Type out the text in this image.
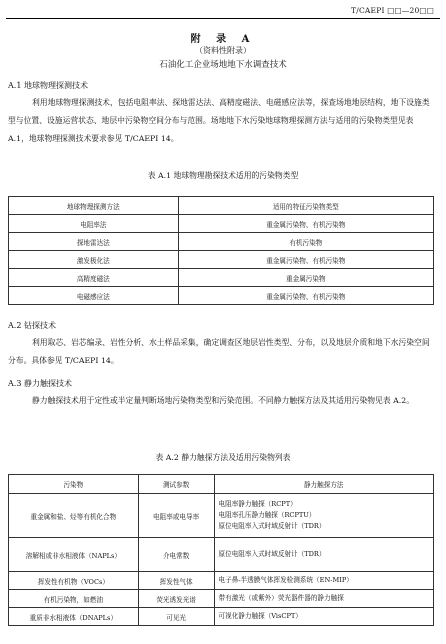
T/CAEPI □□—20□□
附 录 A
（资料性附录）
石油化工企业场地地下水调查技术
A.1 地球物理探测技术

利用地球物理探测技术，包括电阻率法、探地雷达法、高精度磁法、电磁感应法等，探查场地地层结构，地下设施类型与位置、设施运营状态、地层中污染物空间分布与范围。场地地下水污染地球物理探测方法与适用的污染物类型见表 A.1，地球物理探测技术要求参见 T/CAEPI 14。

表 A.1 地球物理勘探技术适用的污染物类型
地球物理探测方法	适用的特征污染物类型
电阻率法	重金属污染物、有机污染物
探地雷达法	有机污染物
激发极化法	重金属污染物、有机污染物
高精度磁法	重金属污染物
电磁感应法	重金属污染物、有机污染物
A.2 钻探技术

利用取芯、岩芯编录、岩性分析、水土样品采集，确定调查区地层岩性类型、分布，以及地层介质和地下水污染空间分布。具体参见 T/CAEPI 14。

A.3 静力触探技术

静力触探技术用于定性或半定量判断场地污染物类型和污染范围。不同静力触探方法及其适用污染物见表 A.2。

表 A.2 静力触探方法及适用污染物列表
污染物	测试参数	静力触探方法
重金属和盐、烃等有机化合物	电阻率或电导率	电阻率静力触探（RCPT）
电阻率孔压静力触探（RCPTU）
原位电阻率入式时域反射计（TDR）

溶解相或非水相液体（NAPLs）	介电常数	原位电阻率入式时域反射计（TDR）

挥发性有机物（VOCs）	挥发性气体	电子鼻-半透膜气体挥发检测系统（EN-MIP）

有机污染物，如燃油	荧光诱发光谱	带有激光（或紫外）荧光器件器的静力触探

重质非水相液体（DNAPLs）	可见光	可视化静力触探（VisCPT）
